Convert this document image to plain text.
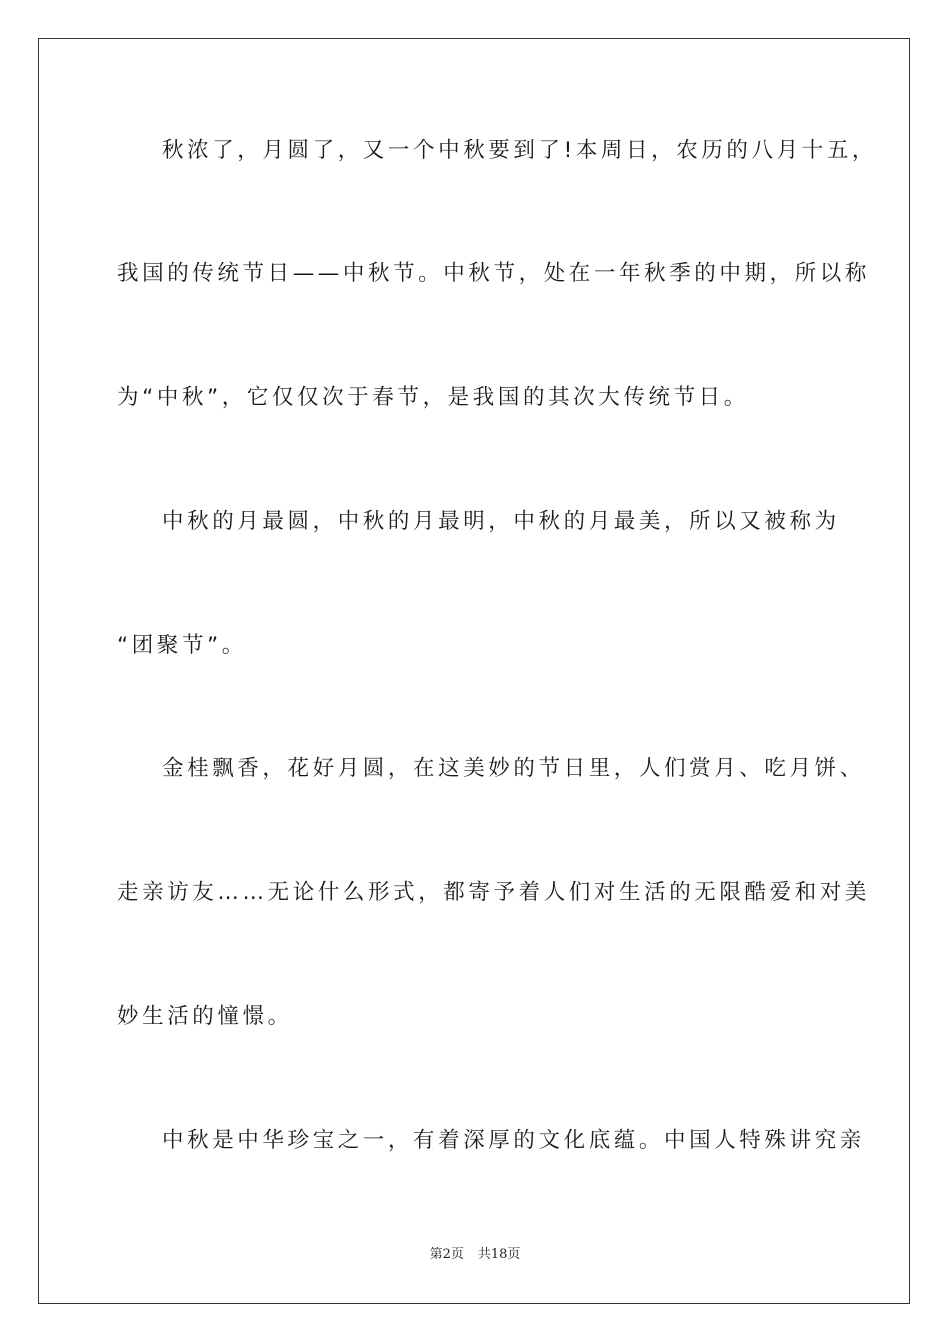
秋浓了，月圆了，又一个中秋要到了!本周日，农历的八月十五，
我国的传统节日——中秋节。中秋节，处在一年秋季的中期，所以称
为“中秋”，它仅仅次于春节，是我国的其次大传统节日。
中秋的月最圆，中秋的月最明，中秋的月最美，所以又被称为
“团聚节”。
金桂飘香，花好月圆，在这美妙的节日里，人们赏月、吃月饼、
走亲访友……无论什么形式，都寄予着人们对生活的无限酷爱和对美
妙生活的憧憬。
中秋是中华珍宝之一，有着深厚的文化底蕴。中国人特殊讲究亲
第2页 共18页
